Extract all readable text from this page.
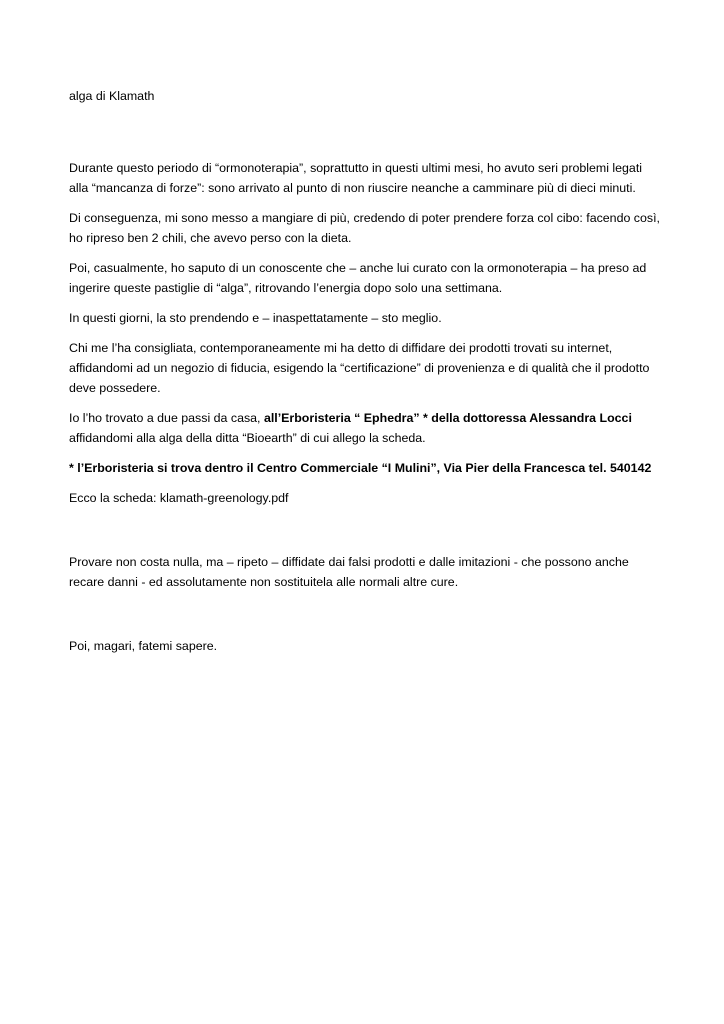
alga di Klamath

Durante questo periodo di “ormonoterapia”, soprattutto in questi ultimi mesi, ho avuto seri problemi legati alla “mancanza di forze”: sono arrivato al punto di non riuscire neanche a camminare più di dieci minuti.

Di conseguenza, mi sono messo a mangiare di più, credendo di poter prendere forza col cibo: facendo così, ho ripreso ben 2 chili, che avevo perso con la dieta.

Poi, casualmente, ho saputo di un conoscente che – anche lui curato con la ormonoterapia – ha preso ad ingerire queste pastiglie di “alga”, ritrovando l’energia dopo solo una settimana.

In questi giorni, la sto prendendo e – inaspettatamente – sto meglio.

Chi me l’ha consigliata, contemporaneamente mi ha detto di diffidare dei prodotti trovati su internet, affidandomi ad un negozio di fiducia, esigendo la “certificazione” di provenienza e di qualità che il prodotto deve possedere.

Io l’ho trovato a due passi da casa, all’Erboristeria “ Ephedra” * della dottoressa Alessandra Locci affidandomi alla alga della ditta “Bioearth” di cui allego la scheda.

* l’Erboristeria si trova dentro il Centro Commerciale “I Mulini”, Via Pier della Francesca tel. 540142

Ecco la scheda: klamath-greenology.pdf

Provare non costa nulla, ma – ripeto – diffidate dai falsi prodotti e dalle imitazioni - che possono anche recare danni - ed assolutamente non sostituitela alle normali altre cure.

Poi, magari, fatemi sapere.
